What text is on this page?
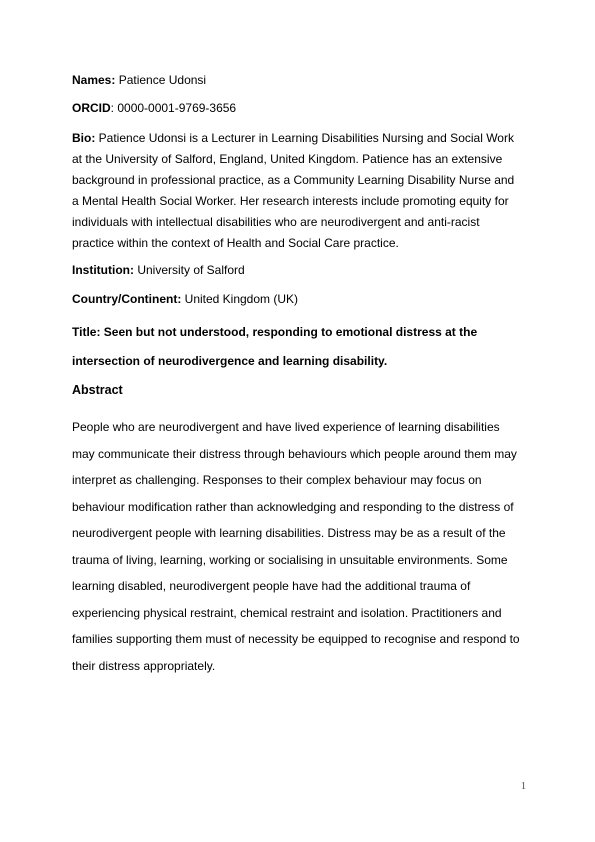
Names: Patience Udonsi

ORCID: 0000-0001-9769-3656

Bio: Patience Udonsi is a Lecturer in Learning Disabilities Nursing and Social Work at the University of Salford, England, United Kingdom. Patience has an extensive background in professional practice, as a Community Learning Disability Nurse and a Mental Health Social Worker. Her research interests include promoting equity for individuals with intellectual disabilities who are neurodivergent and anti-racist practice within the context of Health and Social Care practice.

Institution: University of Salford

Country/Continent: United Kingdom (UK)

Title: Seen but not understood, responding to emotional distress at the intersection of neurodivergence and learning disability.

Abstract

People who are neurodivergent and have lived experience of learning disabilities may communicate their distress through behaviours which people around them may interpret as challenging. Responses to their complex behaviour may focus on behaviour modification rather than acknowledging and responding to the distress of neurodivergent people with learning disabilities. Distress may be as a result of the trauma of living, learning, working or socialising in unsuitable environments. Some learning disabled, neurodivergent people have had the additional trauma of experiencing physical restraint, chemical restraint and isolation. Practitioners and families supporting them must of necessity be equipped to recognise and respond to their distress appropriately.

1
